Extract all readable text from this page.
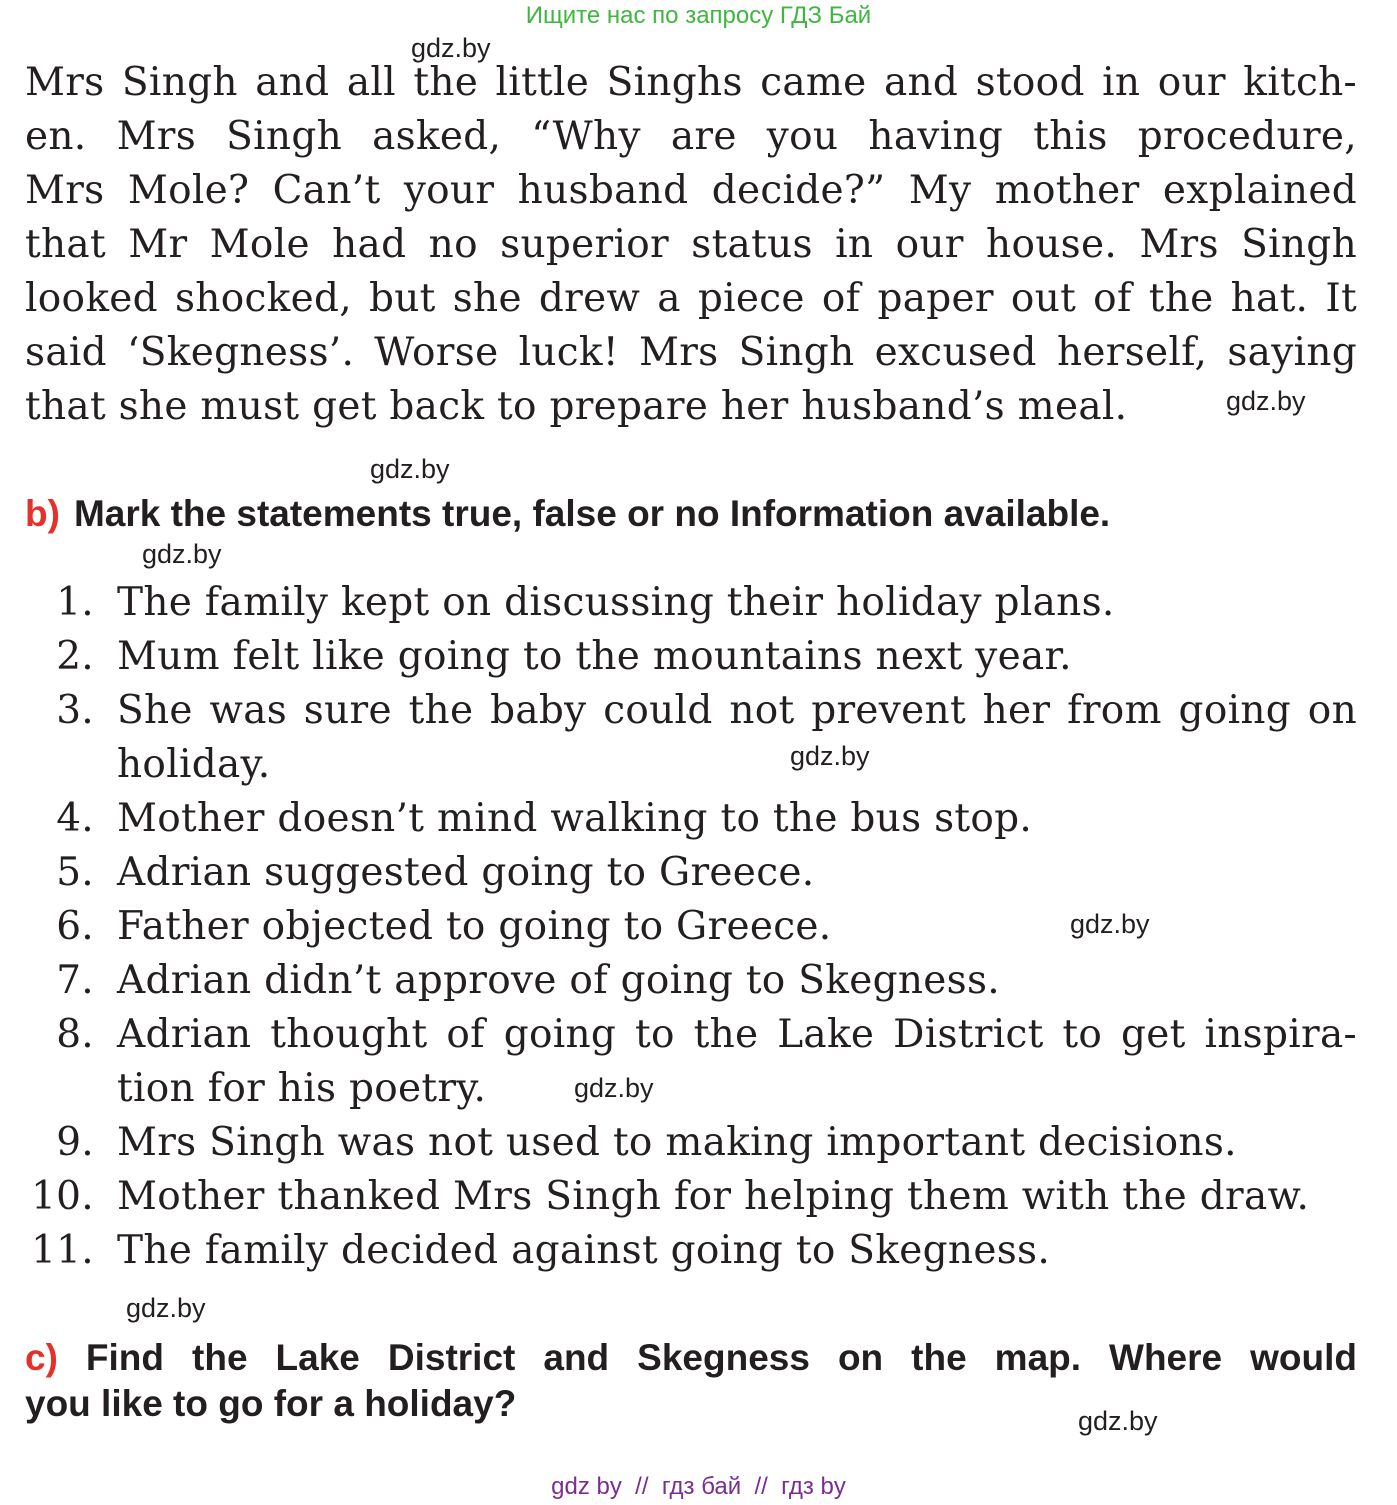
Ищите нас по запросу ГДЗ Бай
gdz.by
gdz.by
gdz.by
gdz.by
gdz.by
gdz.by
gdz.by
gdz.by
gdz.by
Mrs Singh and all the little Singhs came and stood in our kitch-
en. Mrs Singh asked, “Why are you having this procedure,
Mrs Mole? Can’t your husband decide?” My mother explained
that Mr Mole had no superior status in our house. Mrs Singh
looked shocked, but she drew a piece of paper out of the hat. It
said ‘Skegness’. Worse luck! Mrs Singh excused herself, saying
that she must get back to prepare her husband’s meal.
b) Mark the statements true, false or no Information available.
1. The family kept on discussing their holiday plans.
2. Mum felt like going to the mountains next year.
3. She was sure the baby could not prevent her from going on
holiday.
4. Mother doesn’t mind walking to the bus stop.
5. Adrian suggested going to Greece.
6. Father objected to going to Greece.
7. Adrian didn’t approve of going to Skegness.
8. Adrian thought of going to the Lake District to get inspira-
tion for his poetry.
9. Mrs Singh was not used to making important decisions.
10. Mother thanked Mrs Singh for helping them with the draw.
11. The family decided against going to Skegness.
c) Find the Lake District and Skegness on the map. Where would
you like to go for a holiday?
gdz by  //  гдз бай  //  гдз by
